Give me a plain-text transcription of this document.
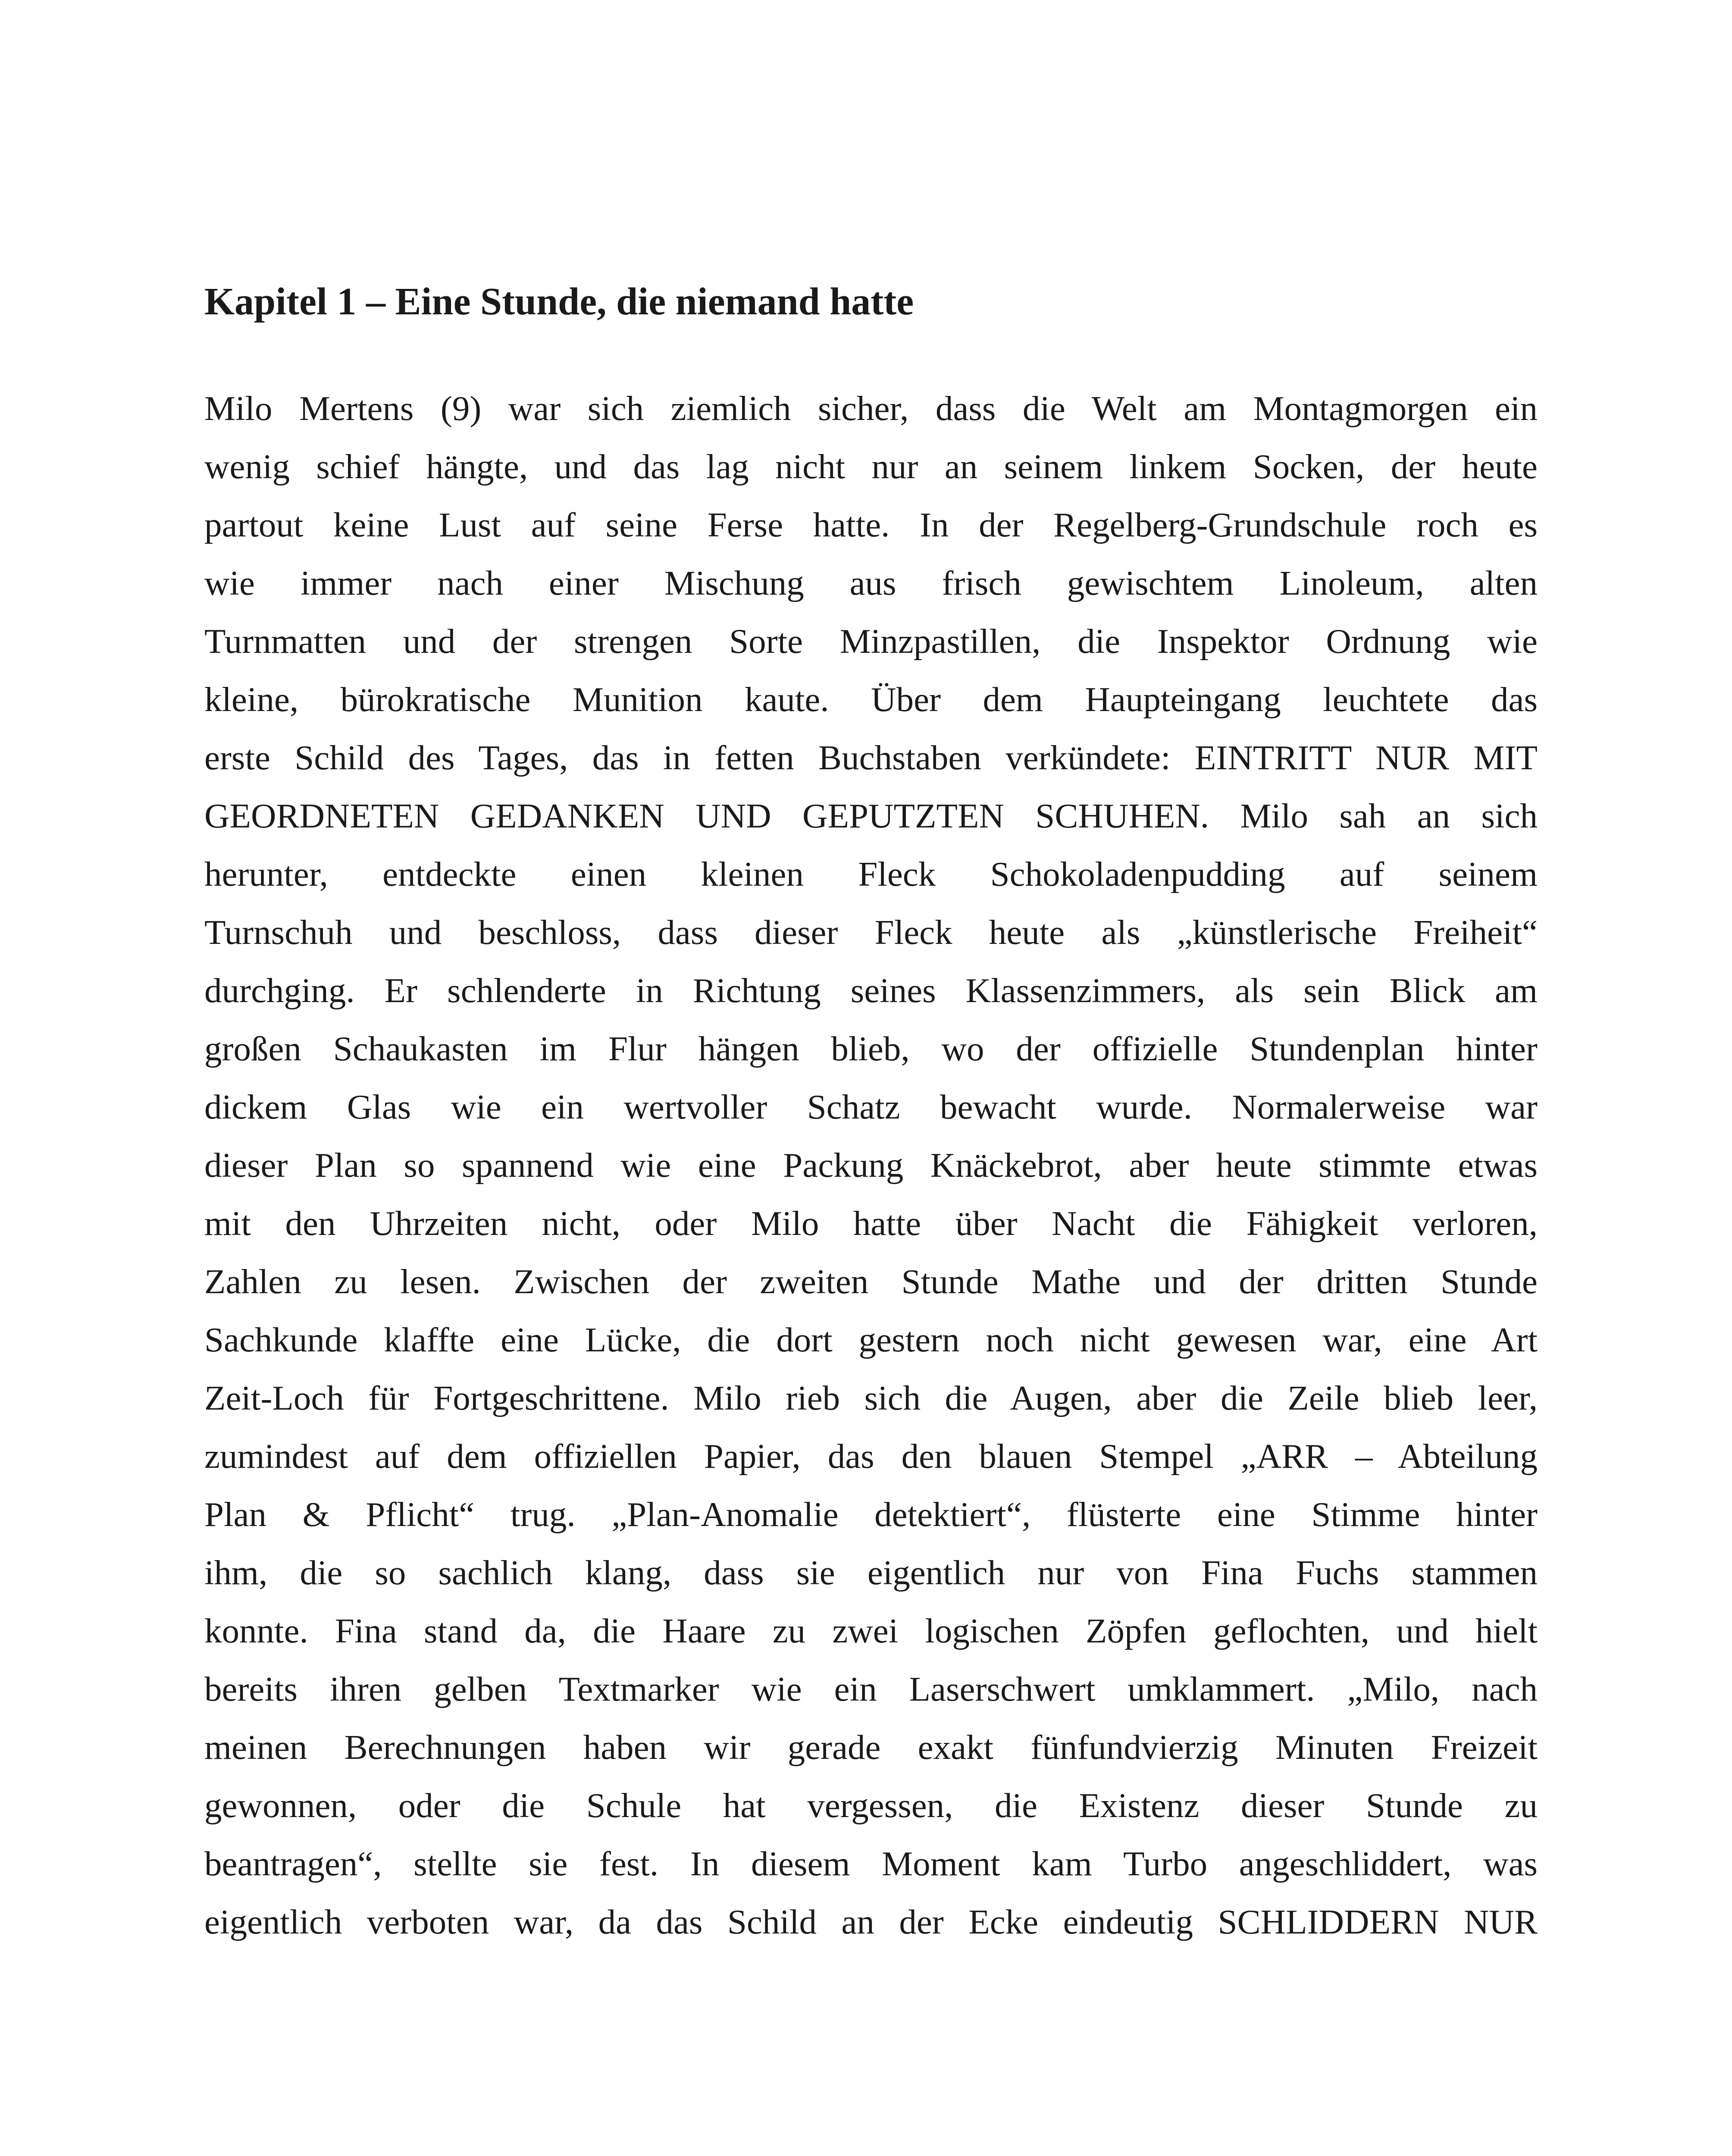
Kapitel 1 – Eine Stunde, die niemand hatte
Milo Mertens (9) war sich ziemlich sicher, dass die Welt am Montagmorgen ein
wenig schief hängte, und das lag nicht nur an seinem linkem Socken, der heute
partout keine Lust auf seine Ferse hatte. In der Regelberg-Grundschule roch es
wie immer nach einer Mischung aus frisch gewischtem Linoleum, alten
Turnmatten und der strengen Sorte Minzpastillen, die Inspektor Ordnung wie
kleine, bürokratische Munition kaute. Über dem Haupteingang leuchtete das
erste Schild des Tages, das in fetten Buchstaben verkündete: EINTRITT NUR MIT
GEORDNETEN GEDANKEN UND GEPUTZTEN SCHUHEN. Milo sah an sich
herunter, entdeckte einen kleinen Fleck Schokoladenpudding auf seinem
Turnschuh und beschloss, dass dieser Fleck heute als „künstlerische Freiheit“
durchging. Er schlenderte in Richtung seines Klassenzimmers, als sein Blick am
großen Schaukasten im Flur hängen blieb, wo der offizielle Stundenplan hinter
dickem Glas wie ein wertvoller Schatz bewacht wurde. Normalerweise war
dieser Plan so spannend wie eine Packung Knäckebrot, aber heute stimmte etwas
mit den Uhrzeiten nicht, oder Milo hatte über Nacht die Fähigkeit verloren,
Zahlen zu lesen. Zwischen der zweiten Stunde Mathe und der dritten Stunde
Sachkunde klaffte eine Lücke, die dort gestern noch nicht gewesen war, eine Art
Zeit-Loch für Fortgeschrittene. Milo rieb sich die Augen, aber die Zeile blieb leer,
zumindest auf dem offiziellen Papier, das den blauen Stempel „ARR – Abteilung
Plan & Pflicht“ trug. „Plan-Anomalie detektiert“, flüsterte eine Stimme hinter
ihm, die so sachlich klang, dass sie eigentlich nur von Fina Fuchs stammen
konnte. Fina stand da, die Haare zu zwei logischen Zöpfen geflochten, und hielt
bereits ihren gelben Textmarker wie ein Laserschwert umklammert. „Milo, nach
meinen Berechnungen haben wir gerade exakt fünfundvierzig Minuten Freizeit
gewonnen, oder die Schule hat vergessen, die Existenz dieser Stunde zu
beantragen“, stellte sie fest. In diesem Moment kam Turbo angeschliddert, was
eigentlich verboten war, da das Schild an der Ecke eindeutig SCHLIDDERN NUR
